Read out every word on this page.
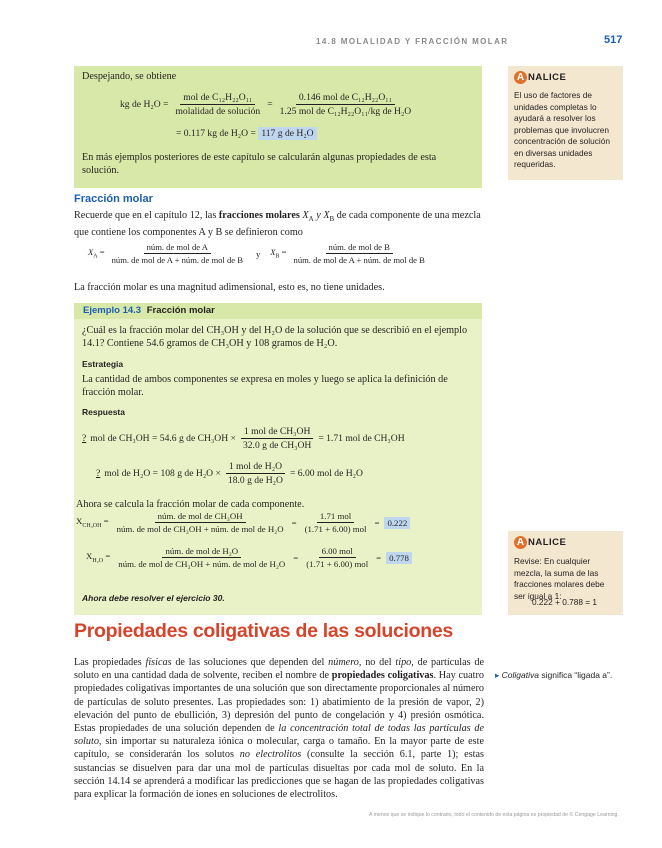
14.8 MOLALIDAD Y FRACCIÓN MOLAR	517
Despejando, se obtiene
kg de $H_2O = \frac{\text{mol de C₁₂H₂₂O₁₁}}{\text{molalidad de solución}} = \frac{\text{0.146 mol de C₁₂H₂₂O₁₁}}{\text{1.25 mol de C₁₂H₂₂O₁₁/kg de H₂O}}$
= 0.117 kg de H₂O = 117 g de H₂O
En más ejemplos posteriores de este capítulo se calcularán algunas propiedades de esta solución.
A NALICE
El uso de factores de unidades completas lo ayudará a resolver los problemas que involucren concentración de solución en diversas unidades requeridas.
Fracción molar
Recuerde que en el capítulo 12, las fracciones molares $X_A$ y $X_B$ de cada componente de una mezcla que contiene los componentes A y B se definieron como
$X_A = \frac{\text{núm. de mol de A}}{\text{núm. de mol de A + núm. de mol de B}}$ y $X_B = \frac{\text{núm. de mol de B}}{\text{núm. de mol de A + núm. de mol de B}}$
La fracción molar es una magnitud adimensional, esto es, no tiene unidades.
Ejemplo 14.3 Fracción molar
¿Cuál es la fracción molar del CH₃OH y del H₂O de la solución que se describió en el ejemplo 14.1? Contiene 54.6 gramos de CH₃OH y 108 gramos de H₂O.
Estrategia
La cantidad de ambos componentes se expresa en moles y luego se aplica la definición de fracción molar.
Respuesta
? mol de CH₃OH = 54.6 g de $CH_3OH \times \frac{\text{1 mol de CH₃OH}}{\text{32.0 g de CH₃OH}} = 1.71$ mol de CH₃OH
? mol de H₂O = 108 g de $H_2O \times \frac{\text{1 mol de H₂O}}{\text{18.0 g de H₂O}} = 6.00$ mol de H₂O
Ahora se calcula la fracción molar de cada componente.
$X_{CH_3OH} = \frac{\text{núm. de mol de CH₃OH}}{\text{núm. de mol de CH₃OH + núm. de mol de H₂O}} = \frac{\text{1.71 mol}}{\text{(1.71 + 6.00) mol}} = 0.222$
$X_{H_2O} = \frac{\text{núm. de mol de H₂O}}{\text{núm. de mol de CH₃OH + núm. de mol de H₂O}} = \frac{\text{6.00 mol}}{\text{(1.71 + 6.00) mol}} = 0.778$
Ahora debe resolver el ejercicio 30.
A NALICE
Revise: En cualquier mezcla, la suma de las fracciones molares debe ser igual a 1:
0.222 + 0.788 = 1
Propiedades coligativas de las soluciones
Las propiedades físicas de las soluciones que dependen del número, no del tipo, de partículas de soluto en una cantidad dada de solvente, reciben el nombre de propiedades coligativas. Hay cuatro propiedades coligativas importantes de una solución que son directamente proporcionales al número de partículas de soluto presentes. Las propiedades son: 1) abatimiento de la presión de vapor, 2) elevación del punto de ebullición, 3) depresión del punto de congelación y 4) presión osmótica. Estas propiedades de una solución dependen de la concentración total de todas las partículas de soluto, sin importar su naturaleza iónica o molecular, carga o tamaño. En la mayor parte de este capítulo, se considerarán los solutos no electrolitos (consulte la sección 6.1, parte 1); estas sustancias se disuelven para dar una mol de partículas disueltas por cada mol de soluto. En la sección 14.14 se aprenderá a modificar las predicciones que se hagan de las propiedades coligativas para explicar la formación de iones en soluciones de electrolitos.
▸ Coligativa significa “ligada a”.
A menos que se indique lo contrario, todo el contenido de esta página es propiedad de © Cengage Learning.
